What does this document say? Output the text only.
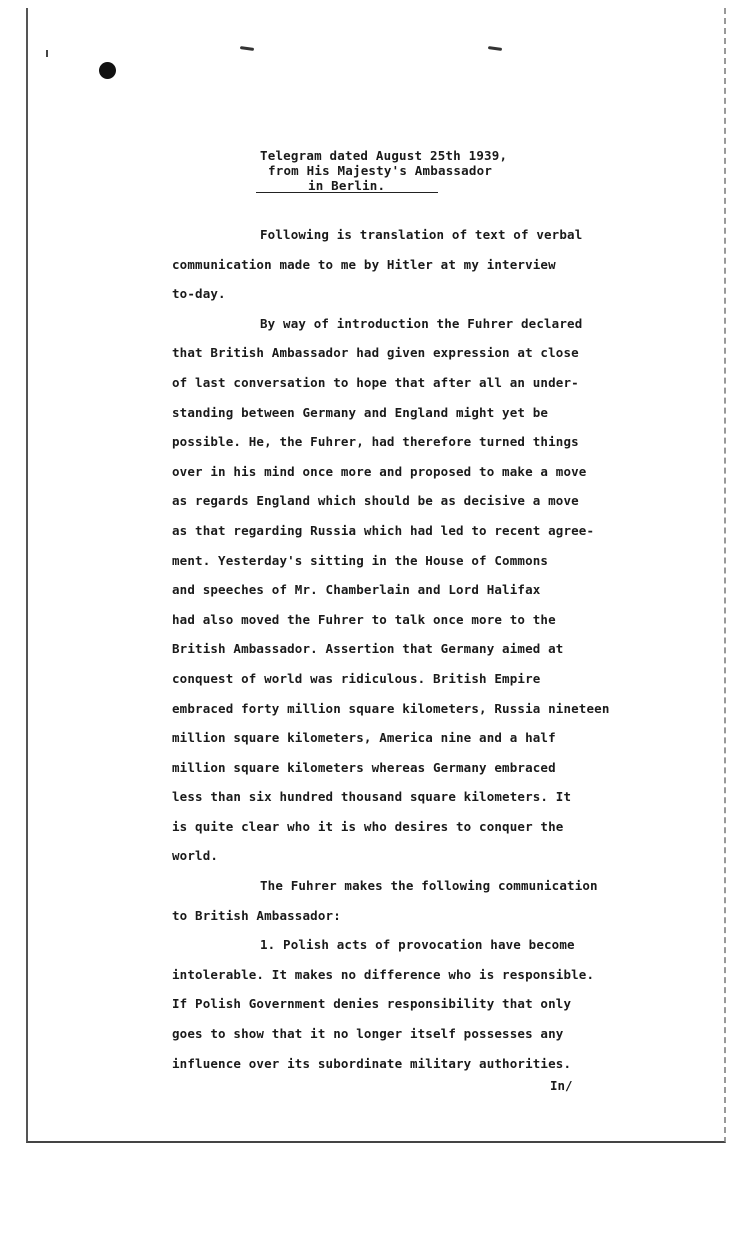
Telegram dated August 25th 1939,
from His Majesty's Ambassador
in Berlin.
Following is translation of text of verbal
communication made to me by Hitler at my interview
to-day.
By way of introduction the Fuhrer declared
that British Ambassador had given expression at close
of last conversation to hope that after all an under-
standing between Germany and England might yet be
possible. He, the Fuhrer, had therefore turned things
over in his mind once more and proposed to make a move
as regards England which should be as decisive a move
as that regarding Russia which had led to recent agree-
ment. Yesterday's sitting in the House of Commons
and speeches of Mr. Chamberlain and Lord Halifax
had also moved the Fuhrer to talk once more to the
British Ambassador. Assertion that Germany aimed at
conquest of world was ridiculous. British Empire
embraced forty million square kilometers, Russia nineteen
million square kilometers, America nine and a half
million square kilometers whereas Germany embraced
less than six hundred thousand square kilometers. It
is quite clear who it is who desires to conquer the
world.
The Fuhrer makes the following communication
to British Ambassador:
1. Polish acts of provocation have become
intolerable. It makes no difference who is responsible.
If Polish Government denies responsibility that only
goes to show that it no longer itself possesses any
influence over its subordinate military authorities.
In/
